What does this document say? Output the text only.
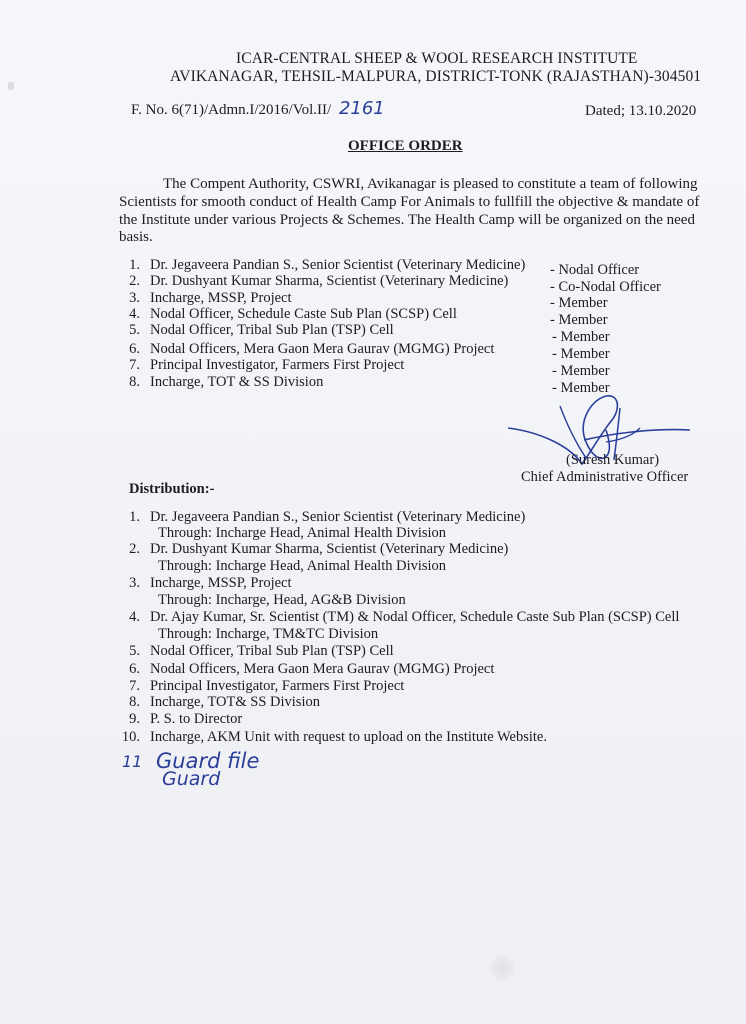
ICAR-CENTRAL SHEEP & WOOL RESEARCH INSTITUTE
AVIKANAGAR, TEHSIL-MALPURA, DISTRICT-TONK (RAJASTHAN)-304501
F. No. 6(71)/Admn.I/2016/Vol.II/ 2161	Dated; 13.10.2020
OFFICE ORDER
The Compent Authority, CSWRI, Avikanagar is pleased to constitute a team of following
Scientists for smooth conduct of Health Camp For Animals to fullfill the objective & mandate of
the Institute under various Projects & Schemes. The Health Camp will be organized on the need
basis.
1. Dr. Jegaveera Pandian S., Senior Scientist (Veterinary Medicine) - Nodal Officer
2. Dr. Dushyant Kumar Sharma, Scientist (Veterinary Medicine)	- Co-Nodal Officer
3. Incharge, MSSP, Project	- Member
4. Nodal Officer, Schedule Caste Sub Plan (SCSP) Cell	- Member
5. Nodal Officer, Tribal Sub Plan (TSP) Cell	- Member
6. Nodal Officers, Mera Gaon Mera Gaurav (MGMG) Project	- Member
7. Principal Investigator, Farmers First Project	- Member
8. Incharge, TOT & SS Division	- Member
(Suresh Kumar)
Chief Administrative Officer
Distribution:-
1. Dr. Jegaveera Pandian S., Senior Scientist (Veterinary Medicine)
Through: Incharge Head, Animal Health Division
2. Dr. Dushyant Kumar Sharma, Scientist (Veterinary Medicine)
Through: Incharge Head, Animal Health Division
3. Incharge, MSSP, Project
Through: Incharge, Head, AG&B Division
4. Dr. Ajay Kumar, Sr. Scientist (TM) & Nodal Officer, Schedule Caste Sub Plan (SCSP) Cell
Through: Incharge, TM&TC Division
5. Nodal Officer, Tribal Sub Plan (TSP) Cell
6. Nodal Officers, Mera Gaon Mera Gaurav (MGMG) Project
7. Principal Investigator, Farmers First Project
8. Incharge, TOT& SS Division
9. P. S. to Director
10. Incharge, AKM Unit with request to upload on the Institute Website.
11 Guard file
Guard
